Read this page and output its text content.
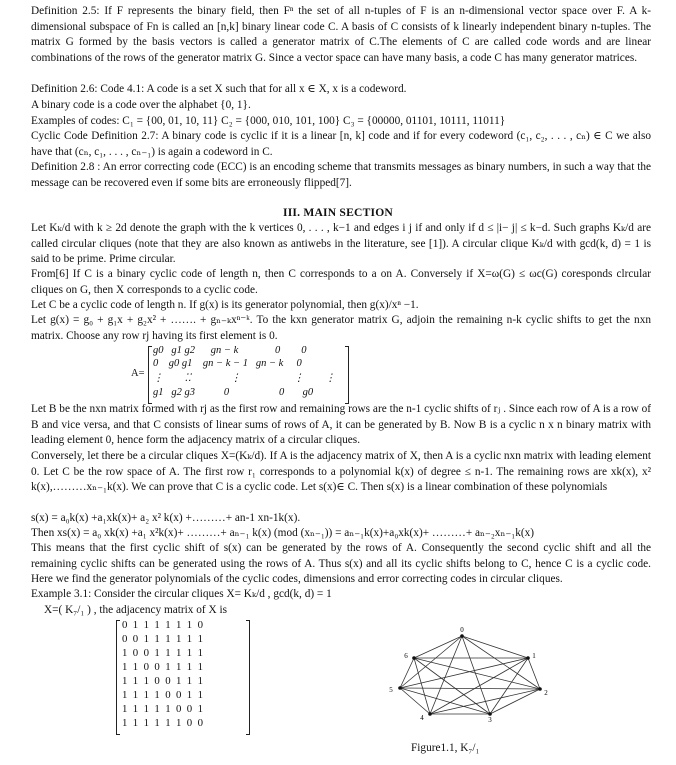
Definition 2.5: If F represents the binary field, then Fⁿ the set of all n-tuples of F is an n-dimensional vector space over F. A k-dimensional subspace of Fn is called an [n,k] binary linear code C. A basis of C consists of k linearly independent binary n-tuples. The matrix G formed by the basis vectors is called a generator matrix of C.The elements of C are called code words and are linear combinations of the rows of the generator matrix G. Since a vector space can have many basis, a code C has many generator matrices.
Definition 2.6: Code 4.1: A code is a set X such that for all x ∈ X, x is a codeword.
A binary code is a code over the alphabet {0, 1}.
Examples of codes: C₁ = {00, 01, 10, 11} C₂ = {000, 010, 101, 100} C₃ = {00000, 01101, 10111, 11011}
Cyclic Code Definition 2.7: A binary code is cyclic if it is a linear [n, k] code and if for every codeword (c₁, c₂, . . . , cₙ) ∈ C we also have that (cₙ, c₁, . . . , cₙ₋₁) is again a codeword in C.
Definition 2.8 : An error correcting code (ECC) is an encoding scheme that transmits messages as binary numbers, in such a way that the message can be recovered even if some bits are erroneously flipped[7].
III. MAIN SECTION
Let Kₖ/d with k ≥ 2d denote the graph with the k vertices 0, . . . , k−1 and edges i j if and only if d ≤ |i− j| ≤ k−d. Such graphs Kₖ/d are called circular cliques (note that they are also known as antiwebs in the literature, see [1]). A circular clique Kₖ/d with gcd(k, d) = 1 is said to be prime. Prime circular.
From[6] If C is a binary cyclic code of length n, then C corresponds to a on A. Conversely if X=ω(G) ≤ ωc(G) coresponds clrcular cliques on G, then X corresponds to a cyclic code.
Let C be a cyclic code of length n. If g(x) is its generator polynomial, then g(x)/xⁿ −1.
Let g(x) = g₀ + g₁x + g₂x² + ……. + gₙ₋ₖxⁿ⁻ᵏ. To the kxn generator matrix G, adjoin the remaining n-k cyclic shifts to get the nxn matrix. Choose any row rj having its first element is 0.
A=
g0   g1 g2      gn − k              0        0
0    g0 g1    gn − k − 1   gn − k     0
⋮        ⁚⁚               ⋮                    ⋮        ⋮
g1   g2 g3           0                   0       g0
Let B be the nxn matrix formed with rj as the first row and remaining rows are the n-1 cyclic shifts of rⱼ . Since each row of A is a row of B and vice versa, and that C consists of linear sums of rows of A, it can be generated by B. Now B is a cyclic n x n binary matrix with leading element 0, hence form the adjacency matrix of a circular cliques.
Conversely, let there be a circular cliques X=(Kₖ/d). If A is the adjacency matrix of X, then A is a cyclic nxn matrix with leading element 0. Let C be the row space of A. The first row r₁ corresponds to a polynomial k(x) of degree ≤ n-1. The remaining rows are xk(x), x² k(x),………xₙ₋₁k(x). We can prove that C is a cyclic code. Let s(x)∈ C. Then s(x) is a linear combination of these polynomials
s(x) = a₀k(x) +a₁xk(x)+ a₂ x² k(x) +………+ an-1 xn-1k(x).
Then xs(x) = a₀ xk(x) +a₁ x²k(x)+ ………+ aₙ₋₁ k(x) (mod (xₙ₋₁)) = aₙ₋₁k(x)+a₀xk(x)+ ………+ aₙ₋₂xₙ₋₁k(x)
This means that the first cyclic shift of s(x) can be generated by the rows of A. Consequently the second cyclic shift and all the remaining cyclic shifts can be generated using the rows of A. Thus s(x) and all its cyclic shifts belong to C, hence C is a cyclic code. Here we find the generator polynomials of the cyclic codes, dimensions and error correcting codes in circular cliques.
Example 3.1: Consider the circular cliques X= Kₖ/d , gcd(k, d) = 1
X=( K₇/₁ ) , the adjacency matrix of X is
0  1  1  1  1  1  1  0
0  0  1  1  1  1  1  1
1  0  0  1  1  1  1  1
1  1  0  0  1  1  1  1
1  1  1  0  0  1  1  1
1  1  1  1  0  0  1  1
1  1  1  1  1  0  0  1
1  1  1  1  1  1  0  0
0
1
2
3
4
5
6
Figure1.1, K₇/₁
